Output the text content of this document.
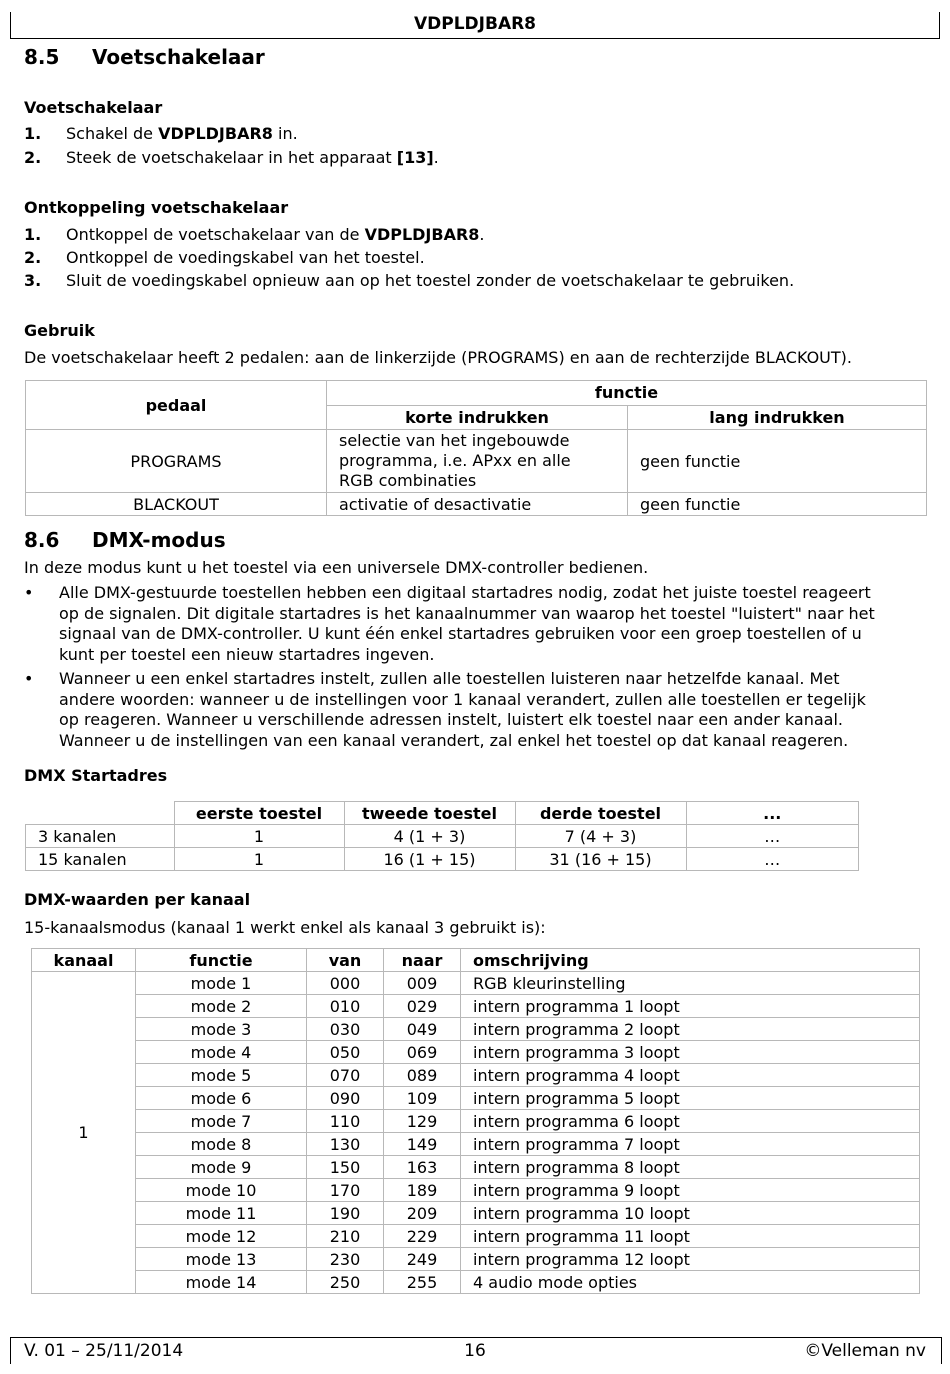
VDPLDJBAR8
8.5 Voetschakelaar
Voetschakelaar
1. Schakel de VDPLDJBAR8 in.
2. Steek de voetschakelaar in het apparaat [13].
Ontkoppeling voetschakelaar
1. Ontkoppel de voetschakelaar van de VDPLDJBAR8.
2. Ontkoppel de voedingskabel van het toestel.
3. Sluit de voedingskabel opnieuw aan op het toestel zonder de voetschakelaar te gebruiken.
Gebruik
De voetschakelaar heeft 2 pedalen: aan de linkerzijde (PROGRAMS) en aan de rechterzijde BLACKOUT).
pedaal	functie	
	korte indrukken	lang indrukken
PROGRAMS	selectie van het ingebouwde
programma, i.e. APxx en alle
RGB combinaties	geen functie
BLACKOUT	activatie of desactivatie	geen functie
8.6 DMX-modus
In deze modus kunt u het toestel via een universele DMX-controller bedienen.
• Alle DMX-gestuurde toestellen hebben een digitaal startadres nodig, zodat het juiste toestel reageert
op de signalen. Dit digitale startadres is het kanaalnummer van waarop het toestel "luistert" naar het
signaal van de DMX-controller. U kunt één enkel startadres gebruiken voor een groep toestellen of u
kunt per toestel een nieuw startadres ingeven.
• Wanneer u een enkel startadres instelt, zullen alle toestellen luisteren naar hetzelfde kanaal. Met
andere woorden: wanneer u de instellingen voor 1 kanaal verandert, zullen alle toestellen er tegelijk
op reageren. Wanneer u verschillende adressen instelt, luistert elk toestel naar een ander kanaal.
Wanneer u de instellingen van een kanaal verandert, zal enkel het toestel op dat kanaal reageren.
DMX Startadres
	eerste toestel	tweede toestel	derde toestel	...
3 kanalen	1	4 (1 + 3)	7 (4 + 3)	…
15 kanalen	1	16 (1 + 15)	31 (16 + 15)	…
DMX-waarden per kanaal
15-kanaalsmodus (kanaal 1 werkt enkel als kanaal 3 gebruikt is):
kanaal	functie	van	naar	omschrijving
1	mode 1	000	009	RGB kleurinstelling
	mode 2	010	029	intern programma 1 loopt
	mode 3	030	049	intern programma 2 loopt
	mode 4	050	069	intern programma 3 loopt
	mode 5	070	089	intern programma 4 loopt
	mode 6	090	109	intern programma 5 loopt
	mode 7	110	129	intern programma 6 loopt
	mode 8	130	149	intern programma 7 loopt
	mode 9	150	163	intern programma 8 loopt
	mode 10	170	189	intern programma 9 loopt
	mode 11	190	209	intern programma 10 loopt
	mode 12	210	229	intern programma 11 loopt
	mode 13	230	249	intern programma 12 loopt
	mode 14	250	255	4 audio mode opties
V. 01 – 25/11/2014	16	©Velleman nv
